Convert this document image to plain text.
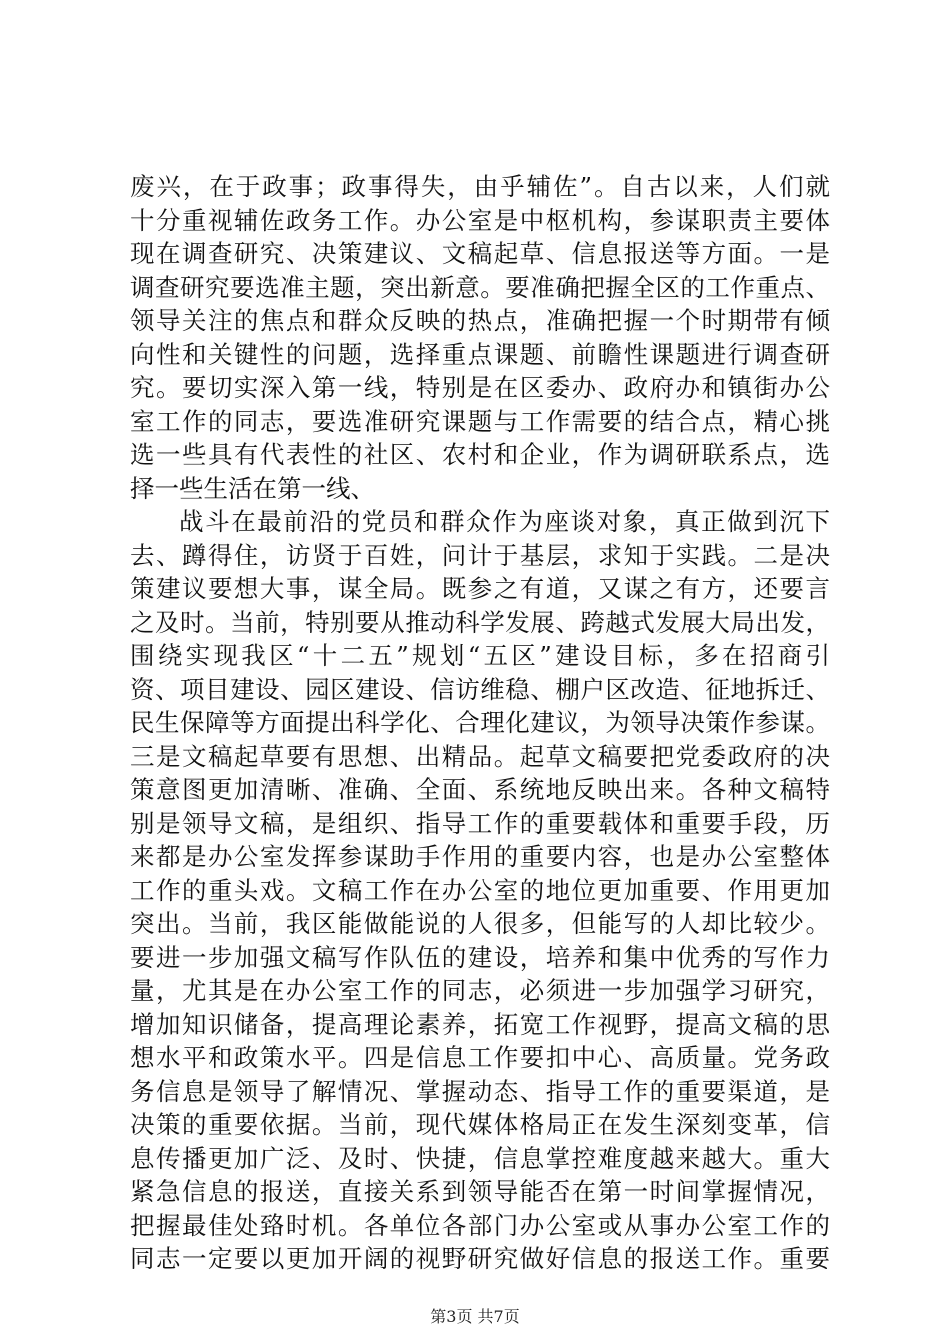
废兴，在于政事；政事得失，由乎辅佐”。自古以来，人们就
十分重视辅佐政务工作。办公室是中枢机构，参谋职责主要体
现在调查研究、决策建议、文稿起草、信息报送等方面。一是
调查研究要选准主题，突出新意。要准确把握全区的工作重点、
领导关注的焦点和群众反映的热点，准确把握一个时期带有倾
向性和关键性的问题，选择重点课题、前瞻性课题进行调查研
究。要切实深入第一线，特别是在区委办、政府办和镇街办公
室工作的同志，要选准研究课题与工作需要的结合点，精心挑
选一些具有代表性的社区、农村和企业，作为调研联系点，选
择一些生活在第一线、
战斗在最前沿的党员和群众作为座谈对象，真正做到沉下
去、蹲得住，访贤于百姓，问计于基层，求知于实践。二是决
策建议要想大事，谋全局。既参之有道，又谋之有方，还要言
之及时。当前，特别要从推动科学发展、跨越式发展大局出发，
围绕实现我区“十二五”规划“五区”建设目标，多在招商引
资、项目建设、园区建设、信访维稳、棚户区改造、征地拆迁、
民生保障等方面提出科学化、合理化建议，为领导决策作参谋。
三是文稿起草要有思想、出精品。起草文稿要把党委政府的决
策意图更加清晰、准确、全面、系统地反映出来。各种文稿特
别是领导文稿，是组织、指导工作的重要载体和重要手段，历
来都是办公室发挥参谋助手作用的重要内容，也是办公室整体
工作的重头戏。文稿工作在办公室的地位更加重要、作用更加
突出。当前，我区能做能说的人很多，但能写的人却比较少。
要进一步加强文稿写作队伍的建设，培养和集中优秀的写作力
量，尤其是在办公室工作的同志，必须进一步加强学习研究，
增加知识储备，提高理论素养，拓宽工作视野，提高文稿的思
想水平和政策水平。四是信息工作要扣中心、高质量。党务政
务信息是领导了解情况、掌握动态、指导工作的重要渠道，是
决策的重要依据。当前，现代媒体格局正在发生深刻变革，信
息传播更加广泛、及时、快捷，信息掌控难度越来越大。重大
紧急信息的报送，直接关系到领导能否在第一时间掌握情况，
把握最佳处臵时机。各单位各部门办公室或从事办公室工作的
同志一定要以更加开阔的视野研究做好信息的报送工作。重要
第3页 共7页
